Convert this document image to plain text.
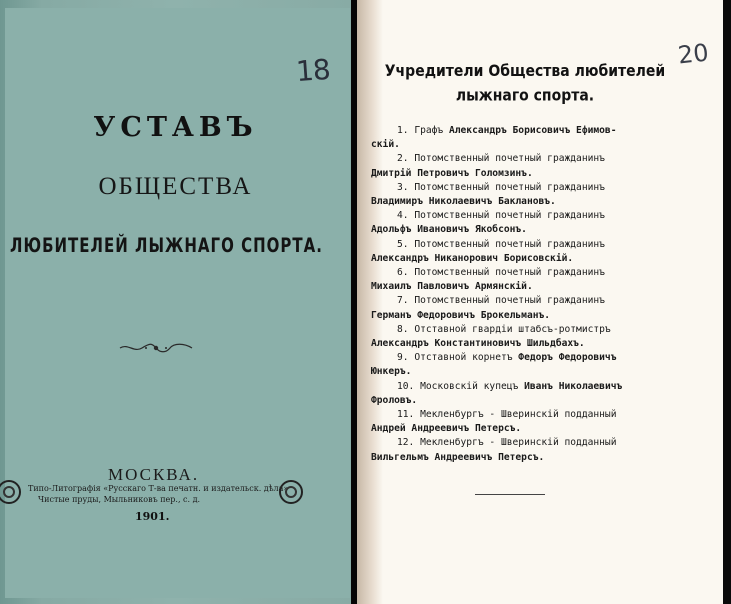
18
УСТАВЪ
ОБЩЕСТВА
ЛЮБИТЕЛЕЙ ЛЫЖНАГО СПОРТА.
МОСКВА.
Типо-Литографія «Русскаго Т-ва печатн. и издательск. дѣла»
Чистые пруды, Мыльниковъ пер., с. д.
1901.
20
Учредители Общества любителей
лыжнаго спорта.
1. Графъ Александръ Борисовичъ Ефимов-
скій.
2. Потомственный почетный гражданинъ
Дмитрій Петровичъ Голомзинъ.
3. Потомственный почетный гражданинъ
Владимиръ Николаевичъ Баклановъ.
4. Потомственный почетный гражданинъ
Адольфъ Ивановичъ Якобсонъ.
5. Потомственный почетный гражданинъ
Александръ Никанорович Борисовскій.
6. Потомственный почетный гражданинъ
Михаилъ Павловичъ Армянскій.
7. Потомственный почетный гражданинъ
Германъ Федоровичъ Брокельманъ.
8. Отставной гвардіи штабсъ-ротмистръ
Александръ Константиновичъ Шильдбахъ.
9. Отставной корнетъ Федоръ Федоровичъ
Юнкеръ.
10. Московскій купецъ Иванъ Николаевичъ
Фроловъ.
11. Мекленбургъ - Шверинскій подданный
Андрей Андреевичъ Петерсъ.
12. Мекленбургъ - Шверинскій подданный
Вильгельмъ Андреевичъ Петерсъ.
